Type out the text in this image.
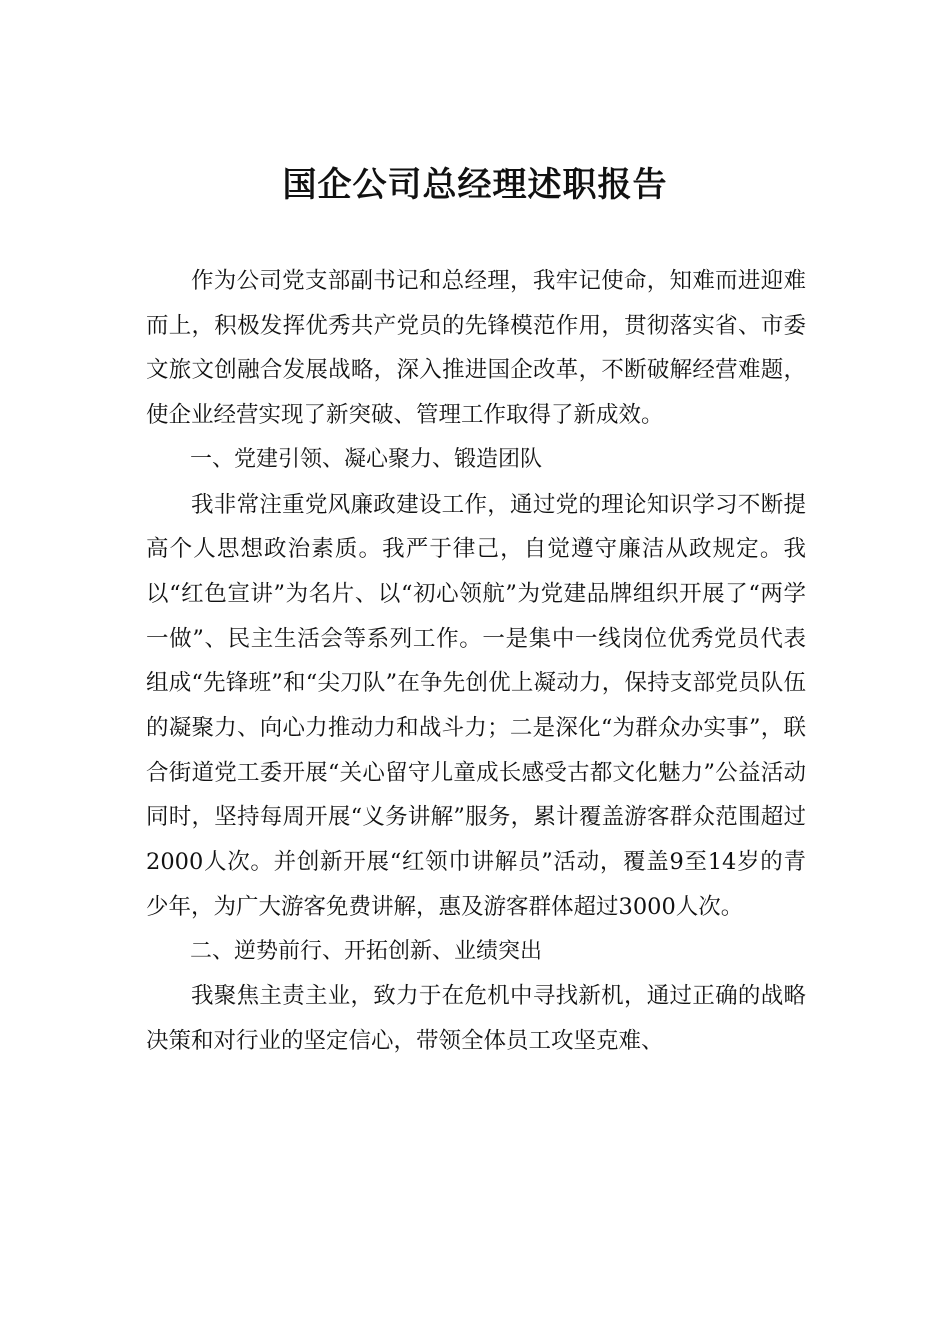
国企公司总经理述职报告

作为公司党支部副书记和总经理，我牢记使命，知难而进迎难而上，积极发挥优秀共产党员的先锋模范作用，贯彻落实省、市委文旅文创融合发展战略，深入推进国企改革，不断破解经营难题，使企业经营实现了新突破、管理工作取得了新成效。

一、党建引领、凝心聚力、锻造团队

我非常注重党风廉政建设工作，通过党的理论知识学习不断提高个人思想政治素质。我严于律己，自觉遵守廉洁从政规定。我以“红色宣讲”为名片、以“初心领航”为党建品牌组织开展了“两学一做”、民主生活会等系列工作。一是集中一线岗位优秀党员代表组成“先锋班”和“尖刀队”在争先创优上凝动力，保持支部党员队伍的凝聚力、向心力推动力和战斗力；二是深化“为群众办实事”，联合街道党工委开展“关心留守儿童成长感受古都文化魅力”公益活动同时，坚持每周开展“义务讲解”服务，累计覆盖游客群众范围超过2000人次。并创新开展“红领巾讲解员”活动，覆盖9至14岁的青少年，为广大游客免费讲解，惠及游客群体超过3000人次。

二、逆势前行、开拓创新、业绩突出

我聚焦主责主业，致力于在危机中寻找新机，通过正确的战略决策和对行业的坚定信心，带领全体员工攻坚克难、
